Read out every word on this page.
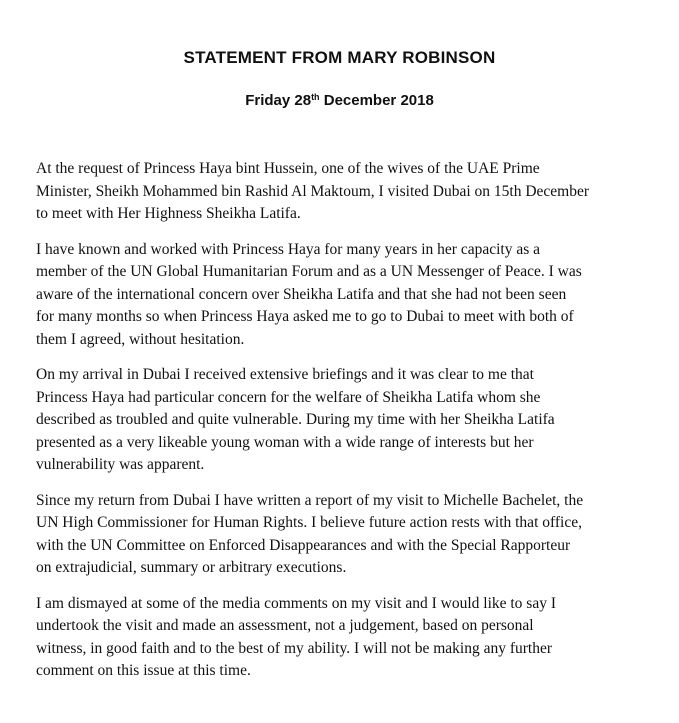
STATEMENT FROM MARY ROBINSON
Friday 28th December 2018

At the request of Princess Haya bint Hussein, one of the wives of the UAE Prime
Minister, Sheikh Mohammed bin Rashid Al Maktoum, I visited Dubai on 15th December
to meet with Her Highness Sheikha Latifa.

I have known and worked with Princess Haya for many years in her capacity as a
member of the UN Global Humanitarian Forum and as a UN Messenger of Peace. I was
aware of the international concern over Sheikha Latifa and that she had not been seen
for many months so when Princess Haya asked me to go to Dubai to meet with both of
them I agreed, without hesitation.

On my arrival in Dubai I received extensive briefings and it was clear to me that
Princess Haya had particular concern for the welfare of Sheikha Latifa whom she
described as troubled and quite vulnerable. During my time with her Sheikha Latifa
presented as a very likeable young woman with a wide range of interests but her
vulnerability was apparent.

Since my return from Dubai I have written a report of my visit to Michelle Bachelet, the
UN High Commissioner for Human Rights. I believe future action rests with that office,
with the UN Committee on Enforced Disappearances and with the Special Rapporteur
on extrajudicial, summary or arbitrary executions.

I am dismayed at some of the media comments on my visit and I would like to say I
undertook the visit and made an assessment, not a judgement, based on personal
witness, in good faith and to the best of my ability. I will not be making any further
comment on this issue at this time.
